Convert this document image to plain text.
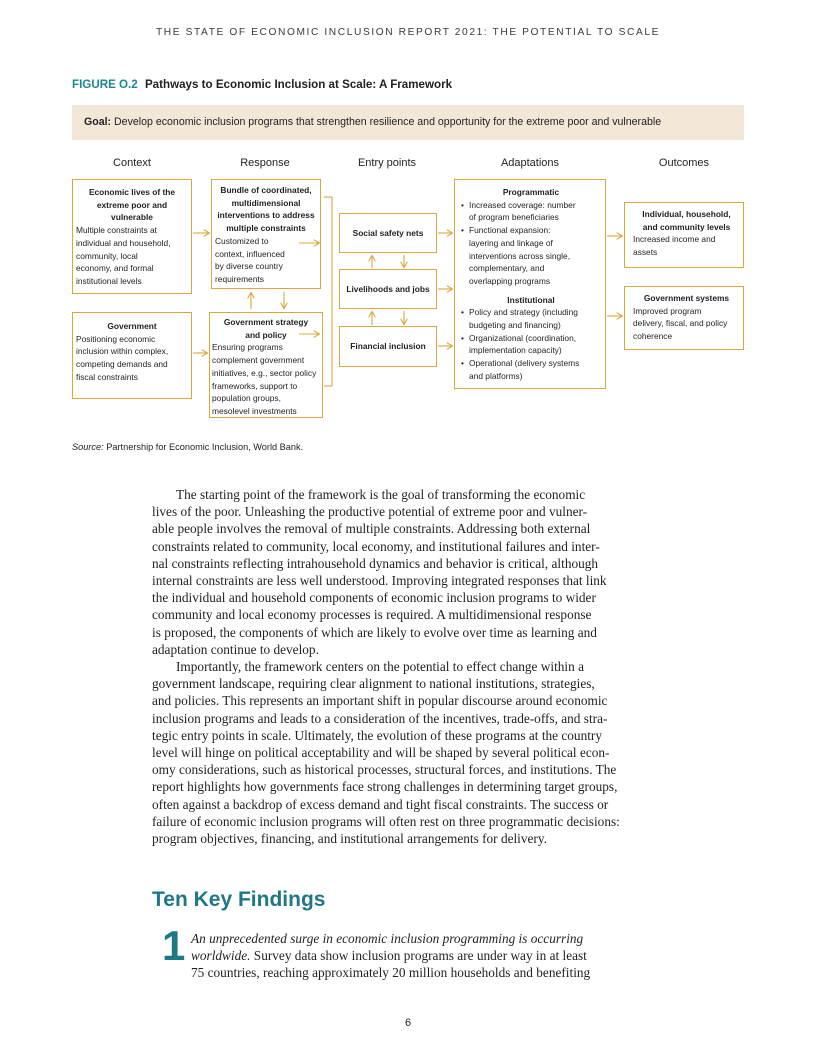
THE STATE OF ECONOMIC INCLUSION REPORT 2021: THE POTENTIAL TO SCALE
FIGURE O.2 Pathways to Economic Inclusion at Scale: A Framework
Goal: Develop economic inclusion programs that strengthen resilience and opportunity for the extreme poor and vulnerable
Context	Response	Entry points	Adaptations	Outcomes
Economic lives of the
extreme poor and
vulnerable
Multiple constraints at
individual and household,
community, local
economy, and formal
institutional levels
Government
Positioning economic
inclusion within complex,
competing demands and
fiscal constraints
Bundle of coordinated,
multidimensional
interventions to address
multiple constraints
Customized to
context, influenced
by diverse country
requirements
Government strategy
and policy
Ensuring programs
complement government
initiatives, e.g., sector policy
frameworks, support to
population groups,
mesolevel investments
Social safety nets
Livelihoods and jobs
Financial inclusion
Programmatic
• Increased coverage: number
of program beneficiaries
• Functional expansion:
layering and linkage of
interventions across single,
complementary, and
overlapping programs
Institutional
• Policy and strategy (including
budgeting and financing)
• Organizational (coordination,
implementation capacity)
• Operational (delivery systems
and platforms)
Individual, household,
and community levels
Increased income and
assets
Government systems
Improved program
delivery, fiscal, and policy
coherence
Source: Partnership for Economic Inclusion, World Bank.
The starting point of the framework is the goal of transforming the economic
lives of the poor. Unleashing the productive potential of extreme poor and vulner-
able people involves the removal of multiple constraints. Addressing both external
constraints related to community, local economy, and institutional failures and inter-
nal constraints reflecting intrahousehold dynamics and behavior is critical, although
internal constraints are less well understood. Improving integrated responses that link
the individual and household components of economic inclusion programs to wider
community and local economy processes is required. A multidimensional response
is proposed, the components of which are likely to evolve over time as learning and
adaptation continue to develop.
Importantly, the framework centers on the potential to effect change within a
government landscape, requiring clear alignment to national institutions, strategies,
and policies. This represents an important shift in popular discourse around economic
inclusion programs and leads to a consideration of the incentives, trade-offs, and stra-
tegic entry points in scale. Ultimately, the evolution of these programs at the country
level will hinge on political acceptability and will be shaped by several political econ-
omy considerations, such as historical processes, structural forces, and institutions. The
report highlights how governments face strong challenges in determining target groups,
often against a backdrop of excess demand and tight fiscal constraints. The success or
failure of economic inclusion programs will often rest on three programmatic decisions:
program objectives, financing, and institutional arrangements for delivery.
Ten Key Findings
1 An unprecedented surge in economic inclusion programming is occurring
worldwide. Survey data show inclusion programs are under way in at least
75 countries, reaching approximately 20 million households and benefiting
6
